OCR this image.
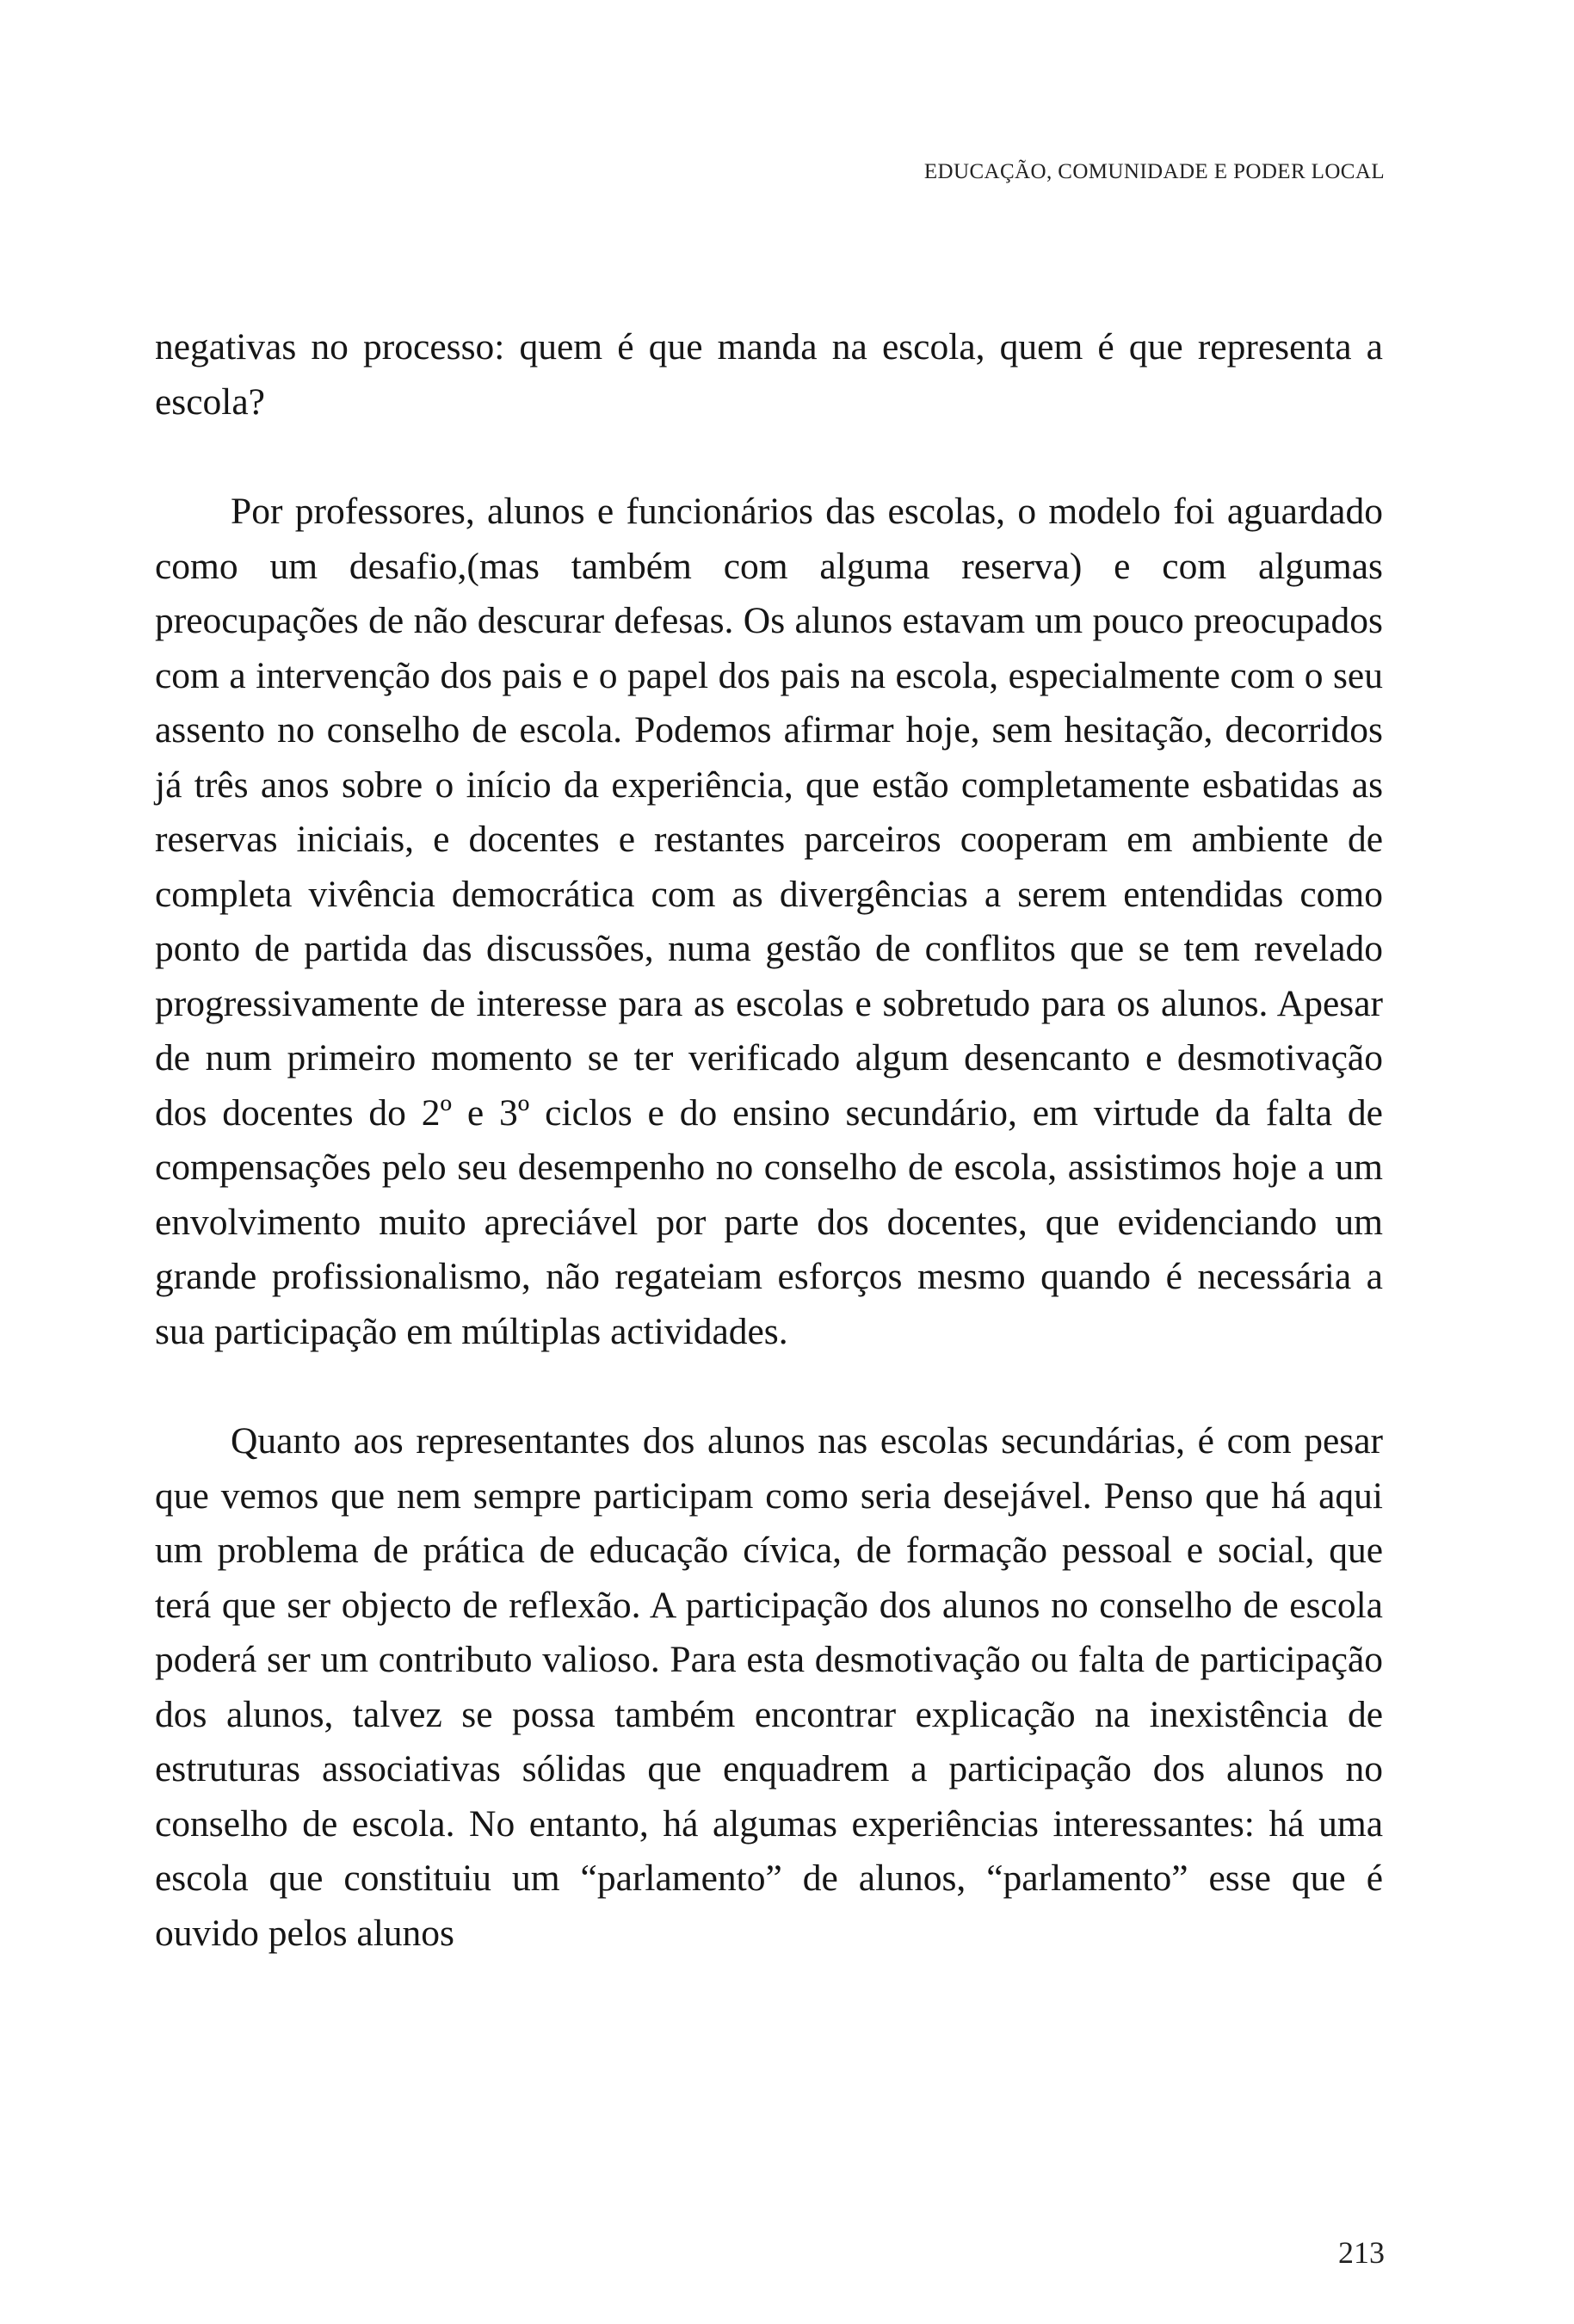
EDUCAÇÃO, COMUNIDADE E PODER LOCAL

negativas no processo: quem é que manda na escola, quem é que representa a escola?

Por professores, alunos e funcionários das escolas, o modelo foi aguardado como um desafio,(mas também com alguma reserva) e com algumas preocupações de não descurar defesas. Os alunos estavam um pouco preocupados com a intervenção dos pais e o papel dos pais na escola, especialmente com o seu assento no conselho de escola. Podemos afirmar hoje, sem hesitação, decorridos já três anos sobre o início da experiência, que estão completamente esbatidas as reservas iniciais, e docentes e restantes parceiros cooperam em ambiente de completa vivência democrática com as divergências a serem entendidas como ponto de partida das discussões, numa gestão de conflitos que se tem revelado progressivamente de interesse para as escolas e sobretudo para os alunos. Apesar de num primeiro momento se ter verificado algum desencanto e desmotivação dos docentes do 2º e 3º ciclos e do ensino secundário, em virtude da falta de compensações pelo seu desempenho no conselho de escola, assistimos hoje a um envolvimento muito apreciável por parte dos docentes, que evidenciando um grande profissionalismo, não regateiam esforços mesmo quando é necessária a sua participação em múltiplas actividades.

Quanto aos representantes dos alunos nas escolas secundárias, é com pesar que vemos que nem sempre participam como seria desejável. Penso que há aqui um problema de prática de educação cívica, de formação pessoal e social, que terá que ser objecto de reflexão. A participação dos alunos no conselho de escola poderá ser um contributo valioso. Para esta desmotivação ou falta de participação dos alunos, talvez se possa também encontrar explicação na inexistência de estruturas associativas sólidas que enquadrem a participação dos alunos no conselho de escola. No entanto, há algumas experiências interessantes: há uma escola que constituiu um “parlamento” de alunos, “parlamento” esse que é ouvido pelos alunos

213
